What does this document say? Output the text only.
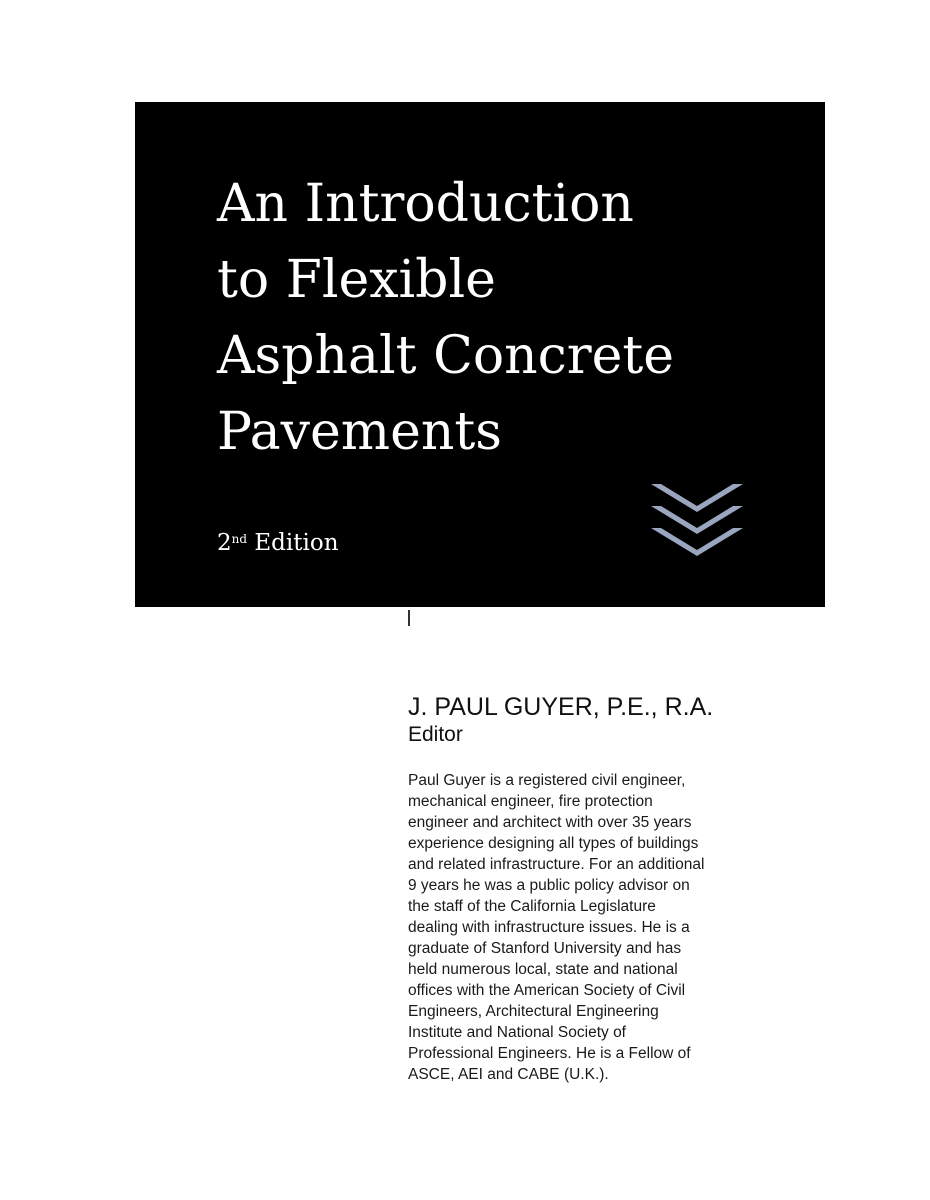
An Introduction
to Flexible
Asphalt Concrete
Pavements
2nd Edition

J. PAUL GUYER, P.E., R.A.

Editor

Paul Guyer is a registered civil engineer,
mechanical engineer, fire protection
engineer and architect with over 35 years
experience designing all types of buildings
and related infrastructure. For an additional
9 years he was a public policy advisor on
the staff of the California Legislature
dealing with infrastructure issues. He is a
graduate of Stanford University and has
held numerous local, state and national
offices with the American Society of Civil
Engineers, Architectural Engineering
Institute and National Society of
Professional Engineers. He is a Fellow of
ASCE, AEI and CABE (U.K.).
